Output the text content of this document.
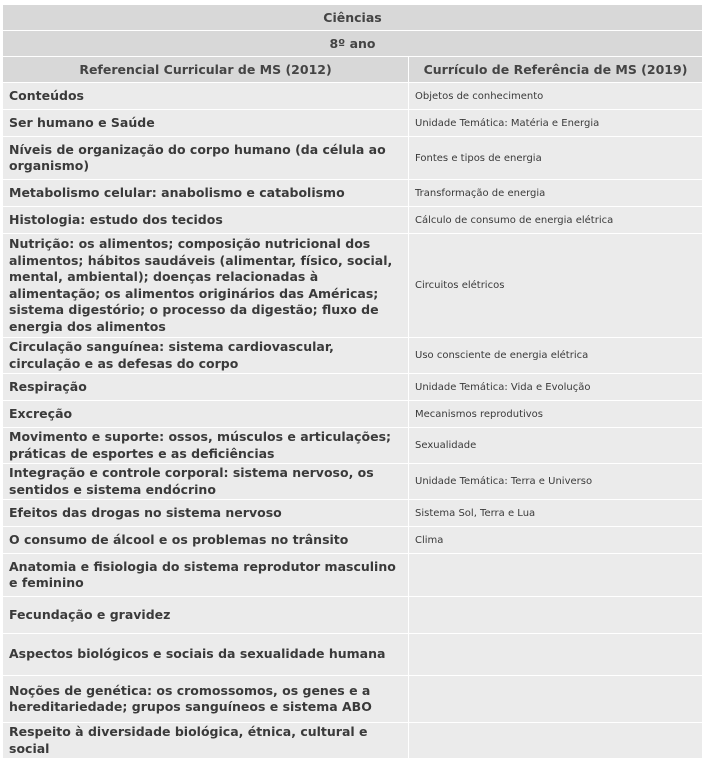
Ciências	
8º ano	
Referencial Curricular de MS (2012)	Currículo de Referência de MS (2019)
Conteúdos	Objetos de conhecimento
Ser humano e Saúde	Unidade Temática: Matéria e Energia
Níveis de organização do corpo humano (da célula ao organismo)	Fontes e tipos de energia
Metabolismo celular: anabolismo e catabolismo	Transformação de energia
Histologia: estudo dos tecidos	Cálculo de consumo de energia elétrica
Nutrição: os alimentos; composição nutricional dos alimentos; hábitos saudáveis (alimentar, físico, social, mental, ambiental); doenças relacionadas à alimentação; os alimentos originários das Américas; sistema digestório; o processo da digestão; fluxo de energia dos alimentos	Circuitos elétricos
Circulação sanguínea: sistema cardiovascular, circulação e as defesas do corpo	Uso consciente de energia elétrica
Respiração	Unidade Temática: Vida e Evolução
Excreção	Mecanismos reprodutivos
Movimento e suporte: ossos, músculos e articulações; práticas de esportes e as deficiências	Sexualidade
Integração e controle corporal: sistema nervoso, os sentidos e sistema endócrino	Unidade Temática: Terra e Universo
Efeitos das drogas no sistema nervoso	Sistema Sol, Terra e Lua
O consumo de álcool e os problemas no trânsito	Clima
Anatomia e fisiologia do sistema reprodutor masculino e feminino	
Fecundação e gravidez	
Aspectos biológicos e sociais da sexualidade humana	
Noções de genética: os cromossomos, os genes e a hereditariedade; grupos sanguíneos e sistema ABO	
Respeito à diversidade biológica, étnica, cultural e social	
